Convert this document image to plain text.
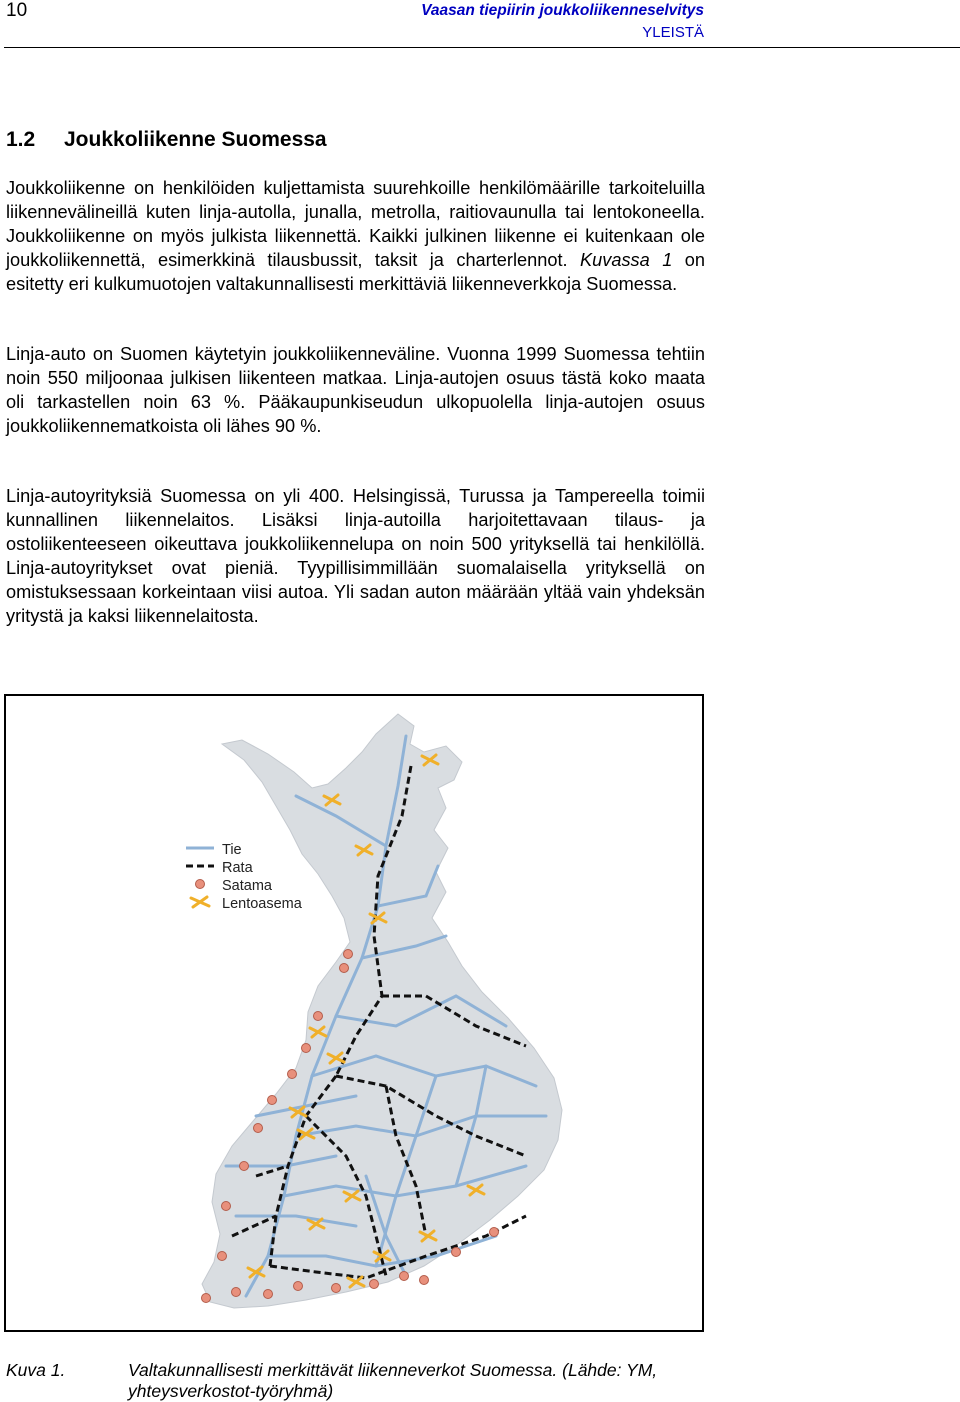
10	Vaasan tiepiirin joukkoliikenneselvitys
YLEISTÄ
1.2 Joukkoliikenne Suomessa

Joukkoliikenne on henkilöiden kuljettamista suurehkoille henkilömäärille tarkoiteluilla liikennevälineillä kuten linja-autolla, junalla, metrolla, raitiovaunulla tai lentokoneella. Joukkoliikenne on myös julkista liikennettä. Kaikki julkinen liikenne ei kuitenkaan ole joukkoliikennettä, esimerkkinä tilausbussit, taksit ja charterlennot. Kuvassa 1 on esitetty eri kulkumuotojen valtakunnallisesti merkittäviä liikenneverkkoja Suomessa.

Linja-auto on Suomen käytetyin joukkoliikenneväline. Vuonna 1999 Suomessa tehtiin noin 550 miljoonaa julkisen liikenteen matkaa. Linja-autojen osuus tästä koko maata oli tarkastellen noin 63 %. Pääkaupunkiseudun ulkopuolella linja-autojen osuus joukkoliikennematkoista oli lähes 90 %.

Linja-autoyrityksiä Suomessa on yli 400. Helsingissä, Turussa ja Tampereella toimii kunnallinen liikennelaitos. Lisäksi linja-autoilla harjoitettavaan tilaus- ja ostoliikenteeseen oikeuttava joukkoliikennelupa on noin 500 yrityksellä tai henkilöllä. Linja-autoyritykset ovat pieniä. Tyypillisimmillään suomalaisella yrityksellä on omistuksessaan korkeintaan viisi autoa. Yli sadan auton määrään yltää vain yhdeksän yritystä ja kaksi liikennelaitosta.

Tie
Rata
Satama
Lentoasema
Kuva 1.	Valtakunnallisesti merkittävät liikenneverkot Suomessa. (Lähde: YM, yhteysverkostot-työryhmä)
